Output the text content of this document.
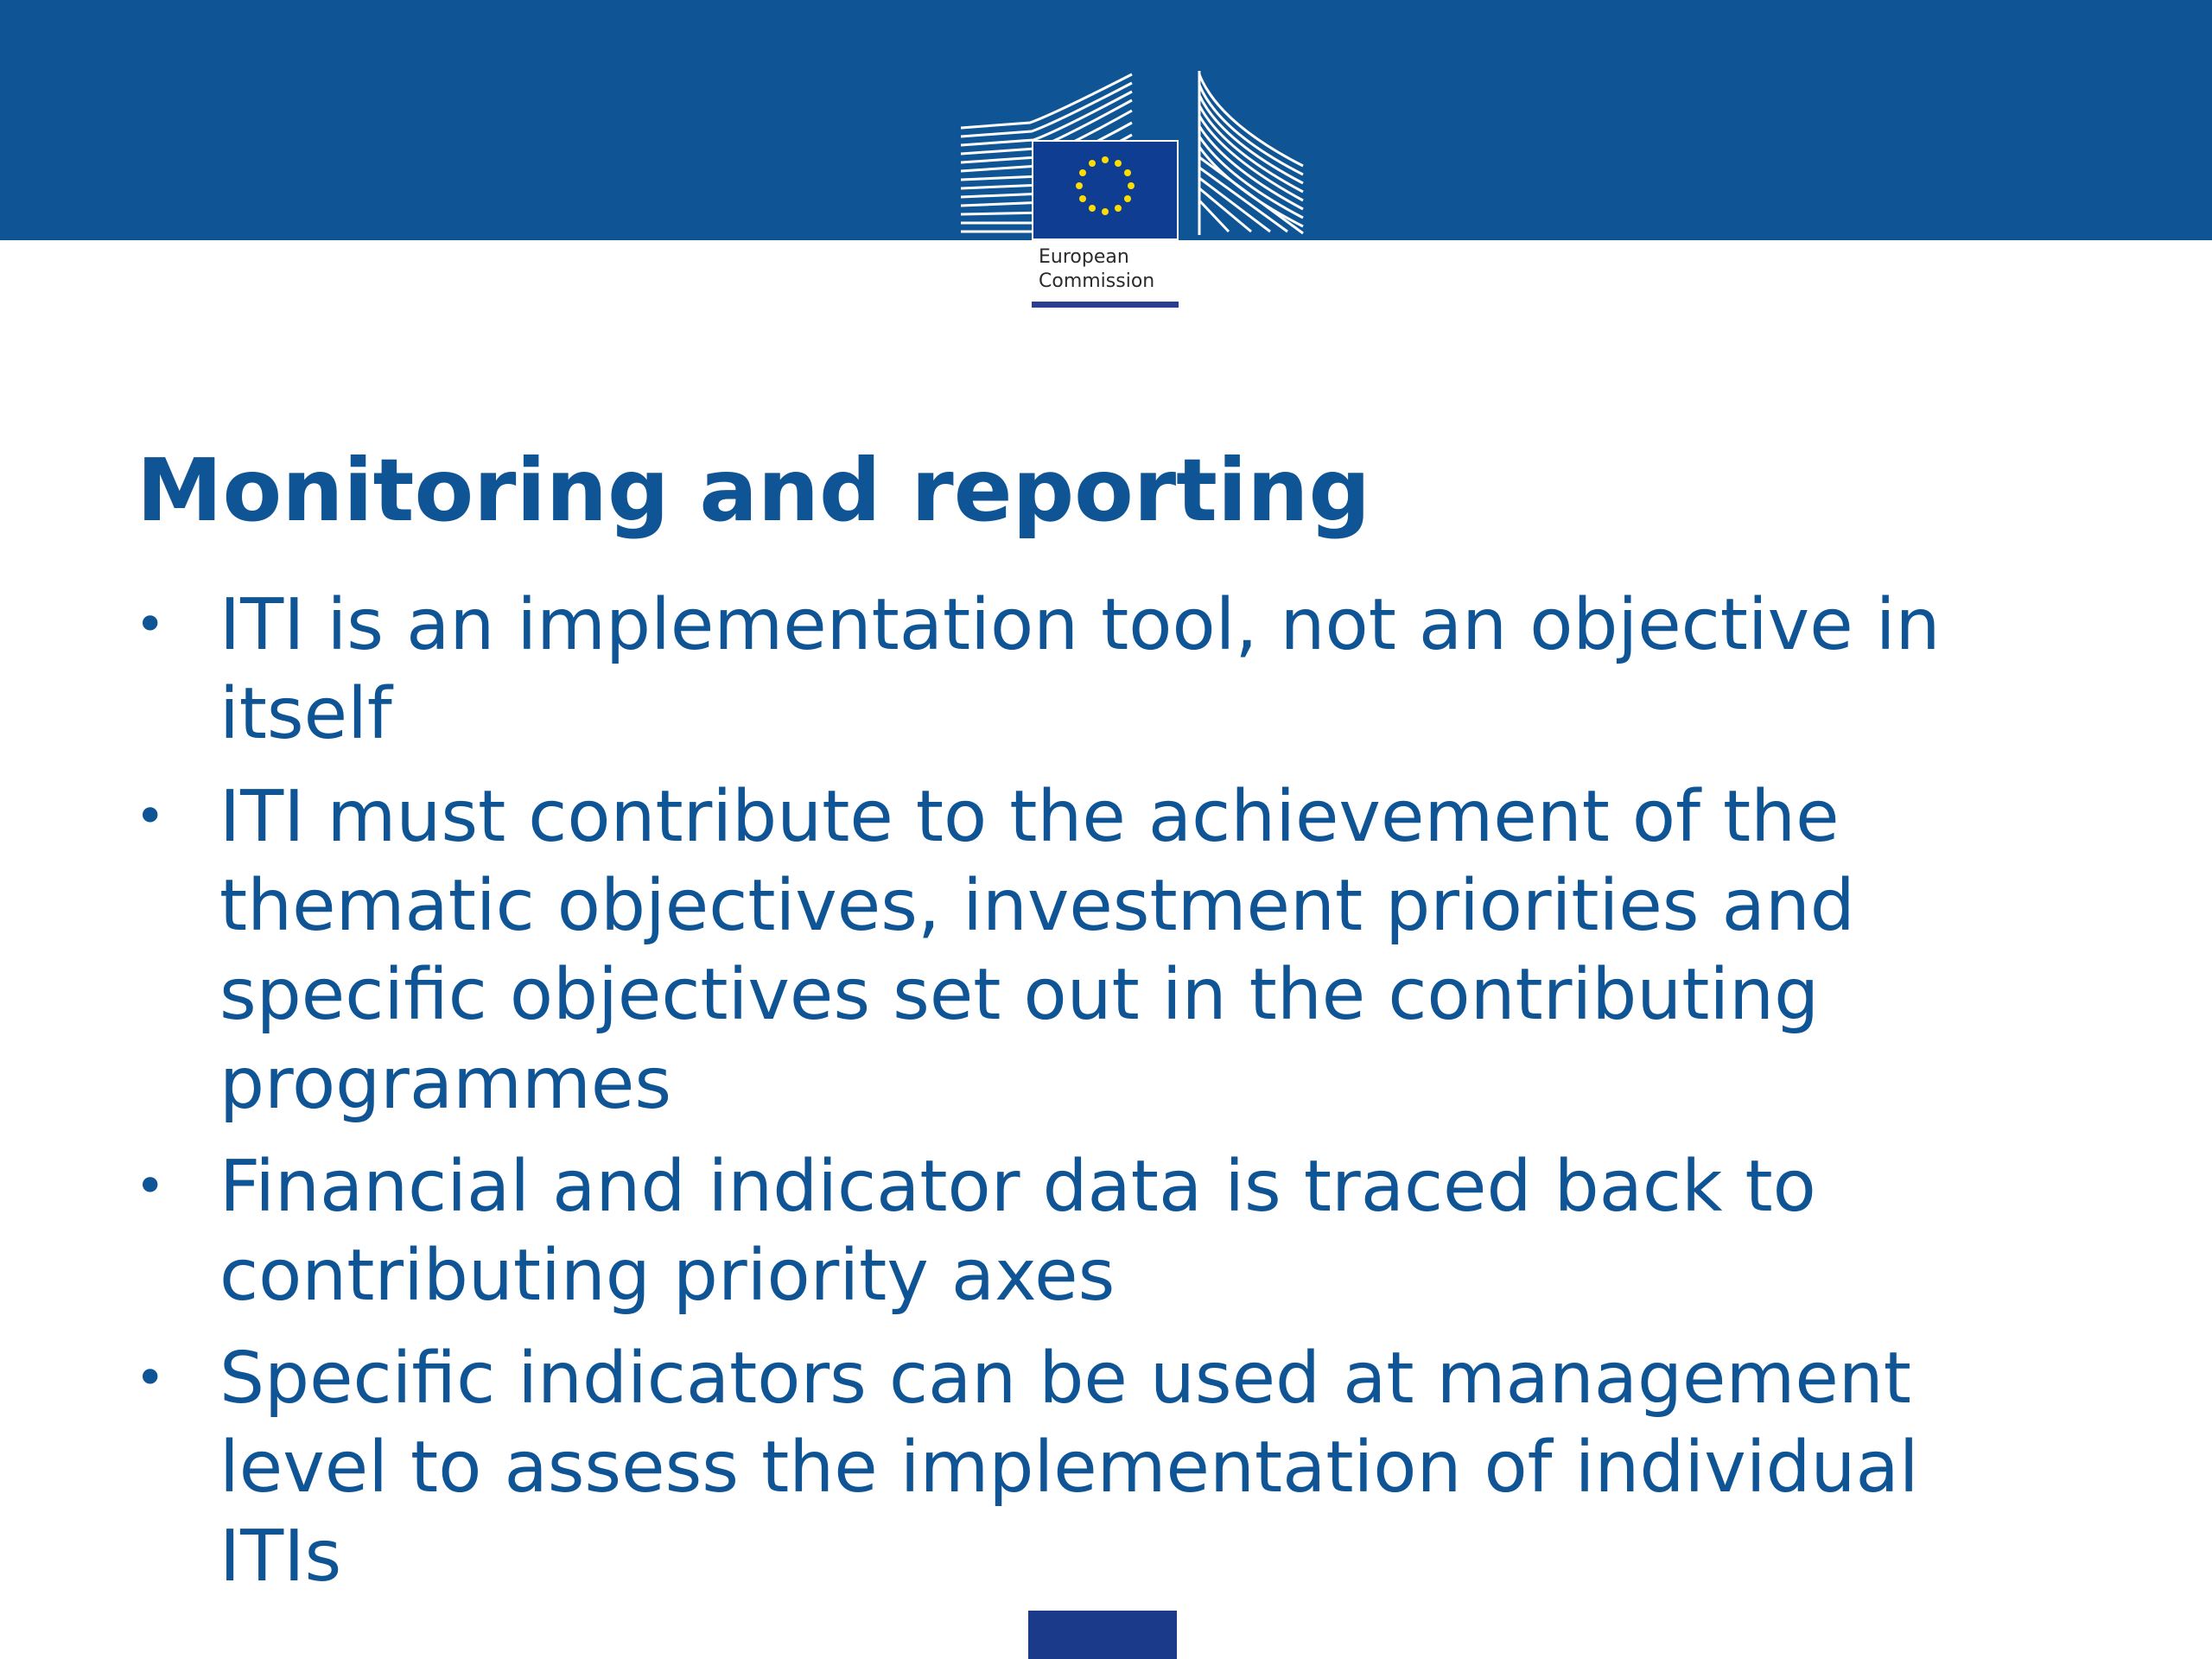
European
Commission
Monitoring and reporting
• ITI is an implementation tool, not an objective in
itself
• ITI must contribute to the achievement of the
thematic objectives, investment priorities and
specific objectives set out in the contributing
programmes
• Financial and indicator data is traced back to
contributing priority axes
• Specific indicators can be used at management
level to assess the implementation of individual
ITIs
